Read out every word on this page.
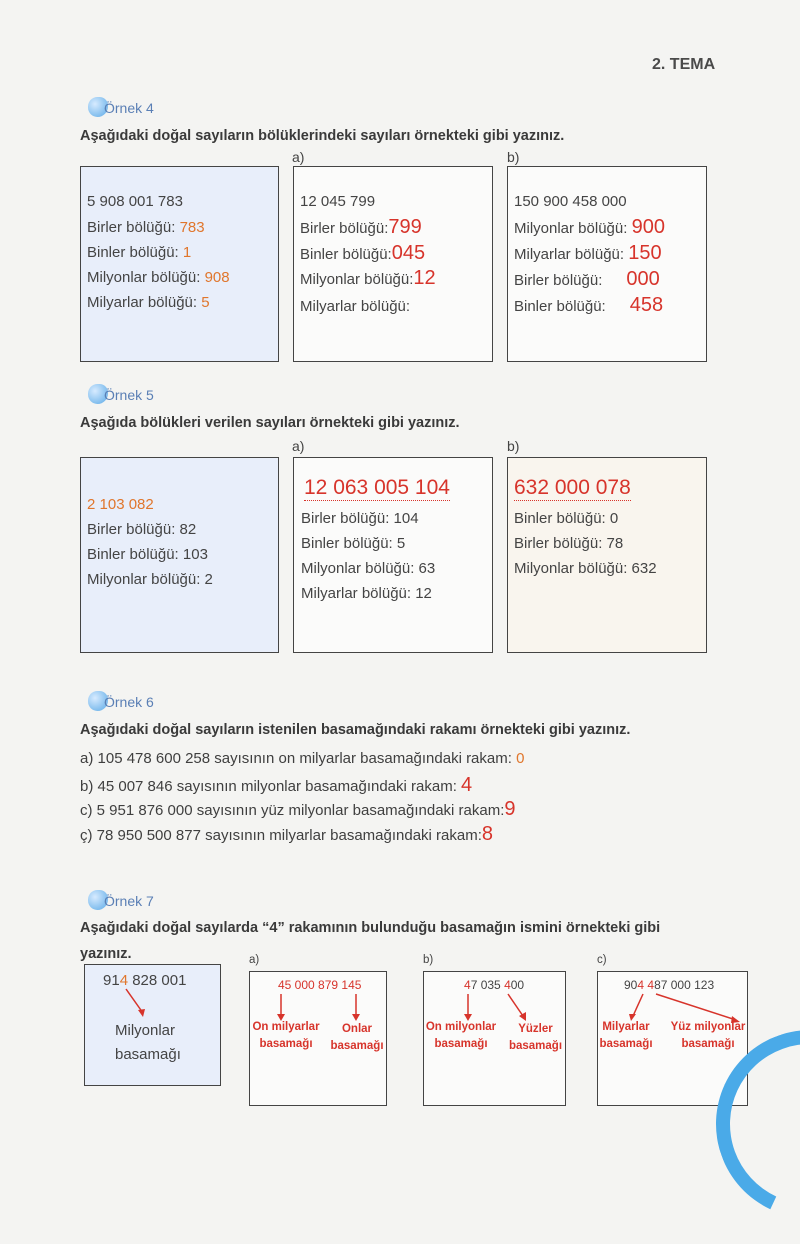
2. TEMA
Örnek 4
Aşağıdaki doğal sayıların bölüklerindeki sayıları örnekteki gibi yazınız.
a)	b)
5 908 001 783
Birler bölüğü: 783
Binler bölüğü: 1
Milyonlar bölüğü: 908
Milyarlar bölüğü: 5
12 045 799
Birler bölüğü:799
Binler bölüğü:045
Milyonlar bölüğü:12
Milyarlar bölüğü:
150 900 458 000
Milyonlar bölüğü: 900
Milyarlar bölüğü: 150
Birler bölüğü: 000
Binler bölüğü: 458
Örnek 5
Aşağıda bölükleri verilen sayıları örnekteki gibi yazınız.
a)	b)
2 103 082
Birler bölüğü: 82
Binler bölüğü: 103
Milyonlar bölüğü: 2
12 063 005 104
Birler bölüğü: 104
Binler bölüğü: 5
Milyonlar bölüğü: 63
Milyarlar bölüğü: 12
632 000 078
Binler bölüğü: 0
Birler bölüğü: 78
Milyonlar bölüğü: 632
Örnek 6
Aşağıdaki doğal sayıların istenilen basamağındaki rakamı örnekteki gibi yazınız.
a) 105 478 600 258 sayısının on milyarlar basamağındaki rakam: 0
b) 45 007 846 sayısının milyonlar basamağındaki rakam: 4
c) 5 951 876 000 sayısının yüz milyonlar basamağındaki rakam:9
ç) 78 950 500 877 sayısının milyarlar basamağındaki rakam:8
Örnek 7
Aşağıdaki doğal sayılarda “4” rakamının bulunduğu basamağın ismini örnekteki gibi
yazınız.
914 828 001
Milyonlar
basamağı
a)
45 000 879 145
On milyarlar
basamağı
Onlar
basamağı
b)
47 035 400
On milyonlar
basamağı
Yüzler
basamağı
c)
904 487 000 123
Milyarlar
basamağı
Yüz milyonlar
basamağı
